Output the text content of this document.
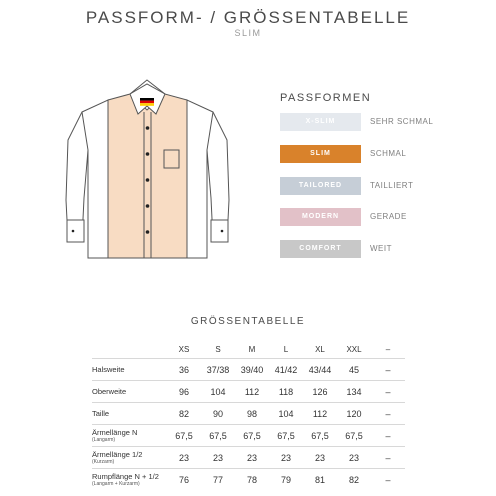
PASSFORM- / GRÖSSENTABELLE
SLIM
PASSFORMEN
X-SLIM	SEHR SCHMAL
SLIM	SCHMAL
TAILORED	TAILLIERT
MODERN	GERADE
COMFORT	WEIT
GRÖSSENTABELLE
	XS	S	M	L	XL	XXL	–
Halsweite	36	37/38	39/40	41/42	43/44	45	–
Oberweite	96	104	112	118	126	134	–
Taille	82	90	98	104	112	120	–
Ärmellänge N
(Langarm)	67,5	67,5	67,5	67,5	67,5	67,5	–
Ärmellänge 1/2
(Kurzarm)	23	23	23	23	23	23	–
Rumpflänge N + 1/2
(Langarm + Kurzarm)	76	77	78	79	81	82	–
